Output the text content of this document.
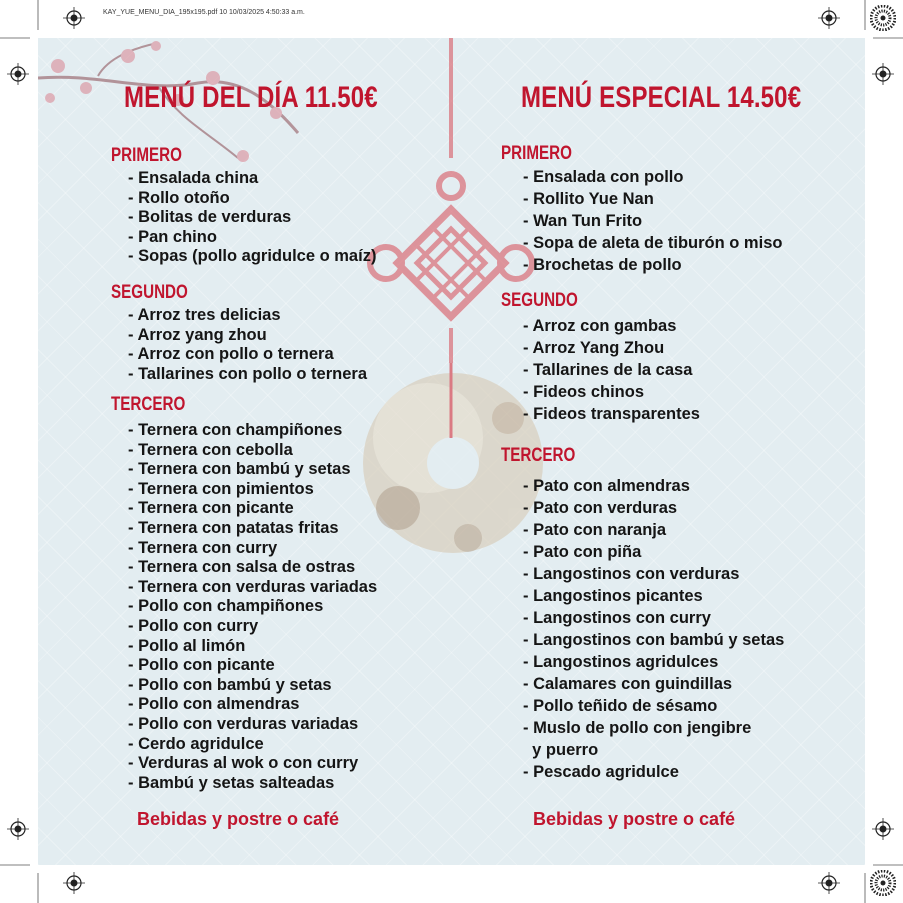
KAY_YUE_MENU_DIA_195x195.pdf 10 10/03/2025 4:50:33 a.m.
MENÚ DEL DÍA 11.50€
PRIMERO
- Ensalada china
- Rollo otoño
- Bolitas de verduras
- Pan chino
- Sopas (pollo agridulce o maíz)
SEGUNDO
- Arroz tres delicias
- Arroz yang zhou
- Arroz con pollo o ternera
- Tallarines con pollo o ternera
TERCERO
- Ternera con champiñones
- Ternera con cebolla
- Ternera con bambú y setas
- Ternera con pimientos
- Ternera con picante
- Ternera con patatas fritas
- Ternera con curry
- Ternera con salsa de ostras
- Ternera con verduras variadas
- Pollo con champiñones
- Pollo con curry
- Pollo al limón
- Pollo con picante
- Pollo con bambú y setas
- Pollo con almendras
- Pollo con verduras variadas
- Cerdo agridulce
- Verduras al wok o con curry
- Bambú y setas salteadas
Bebidas y postre o café
MENÚ ESPECIAL 14.50€
PRIMERO
- Ensalada con pollo
- Rollito Yue Nan
- Wan Tun Frito
- Sopa de aleta de tiburón o miso
- Brochetas de pollo
SEGUNDO
- Arroz con gambas
- Arroz Yang Zhou
- Tallarines de la casa
- Fideos chinos
- Fideos transparentes
TERCERO
- Pato con almendras
- Pato con verduras
- Pato con naranja
- Pato con piña
- Langostinos con verduras
- Langostinos picantes
- Langostinos con curry
- Langostinos con bambú y setas
- Langostinos agridulces
- Calamares con guindillas
- Pollo teñido de sésamo
- Muslo de pollo con jengibre
y puerro
- Pescado agridulce
Bebidas y postre o café
